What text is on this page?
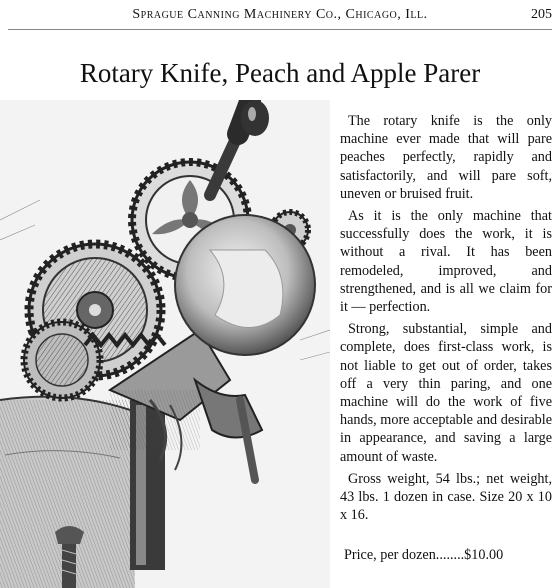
Sprague Canning Machinery Co., Chicago, Ill.	205
Rotary Knife, Peach and Apple Parer

The rotary knife is the only machine ever made that will pare peaches perfectly, rapidly and satisfactorily, and will pare soft, uneven or bruised fruit.

As it is the only machine that successfully does the work, it is without a rival. It has been remodeled, improved, and strengthened, and is all we claim for it — perfection.

Strong, substantial, simple and complete, does first-class work, is not liable to get out of order, takes off a very thin paring, and one machine will do the work of five hands, more acceptable and desirable in appearance, and saving a large amount of waste.

Gross weight, 54 lbs.; net weight, 43 lbs. 1 dozen in case. Size 20 x 10 x 16.

Price, per dozen........$10.00
